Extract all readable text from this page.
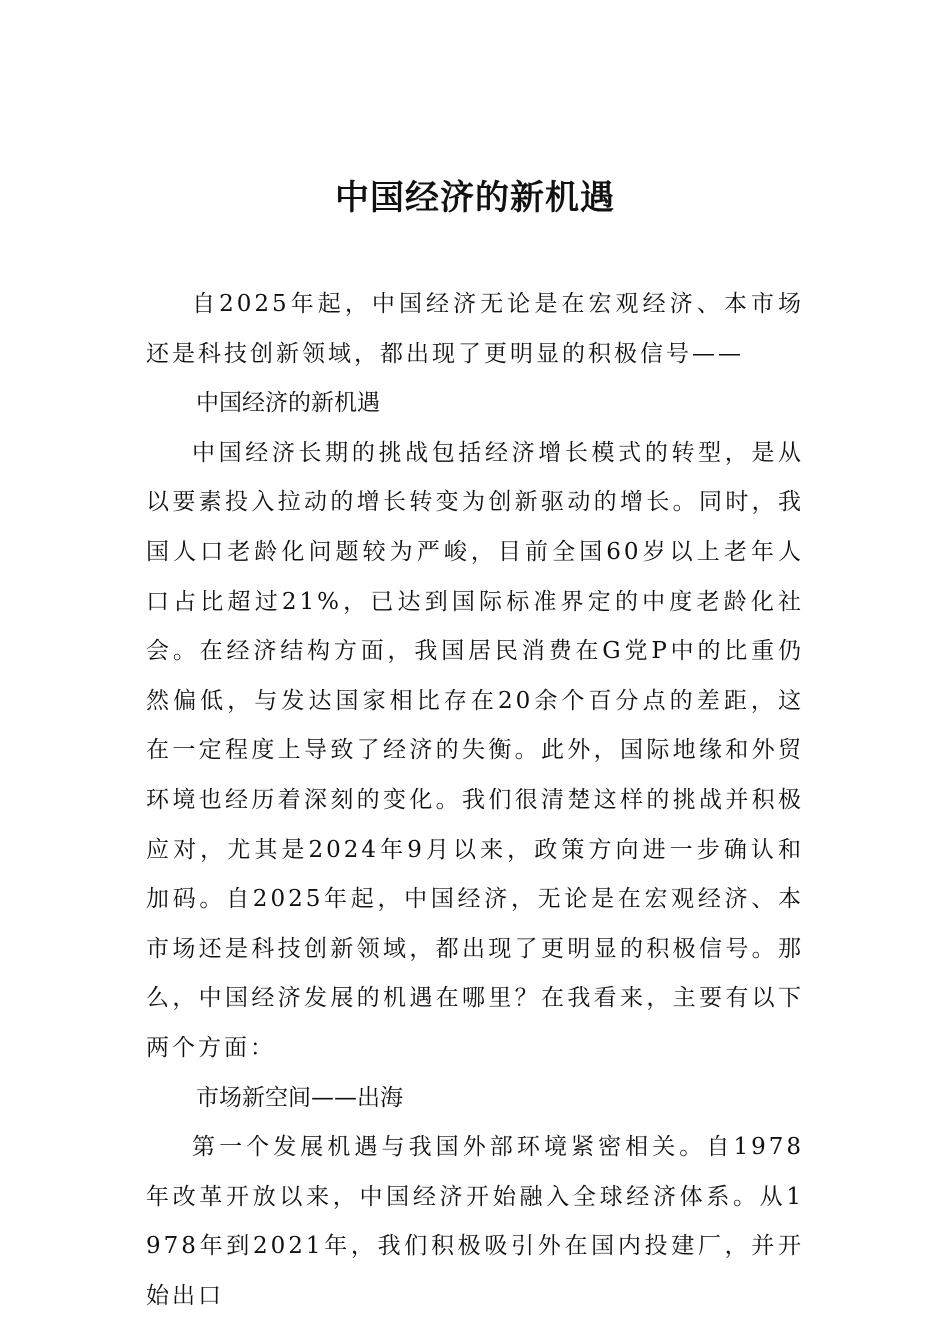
中国经济的新机遇

自2025年起，中国经济无论是在宏观经济、本市场还是科技创新领域，都出现了更明显的积极信号——

中国经济的新机遇

中国经济长期的挑战包括经济增长模式的转型，是从以要素投入拉动的增长转变为创新驱动的增长。同时，我国人口老龄化问题较为严峻，目前全国60岁以上老年人口占比超过21%，已达到国际标准界定的中度老龄化社会。在经济结构方面，我国居民消费在G党P中的比重仍然偏低，与发达国家相比存在20余个百分点的差距，这在一定程度上导致了经济的失衡。此外，国际地缘和外贸环境也经历着深刻的变化。我们很清楚这样的挑战并积极应对，尤其是2024年9月以来，政策方向进一步确认和加码。自2025年起，中国经济，无论是在宏观经济、本市场还是科技创新领域，都出现了更明显的积极信号。那么，中国经济发展的机遇在哪里？在我看来，主要有以下两个方面：

市场新空间——出海

第一个发展机遇与我国外部环境紧密相关。自1978年改革开放以来，中国经济开始融入全球经济体系。从1978年到2021年，我们积极吸引外在国内投建厂，并开始出口
